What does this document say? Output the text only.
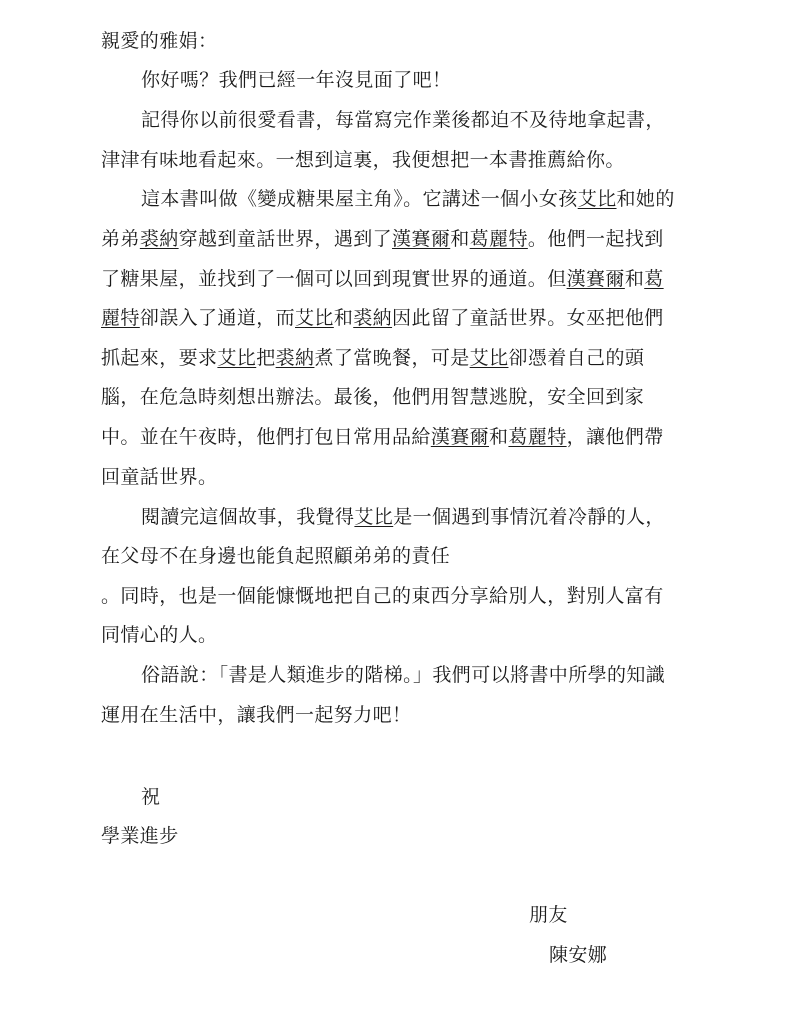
親愛的雅娟：
你好嗎？我們已經一年沒見面了吧！
記得你以前很愛看書，每當寫完作業後都迫不及待地拿起書，
津津有味地看起來。一想到這裏，我便想把一本書推薦給你。
這本書叫做《變成糖果屋主角》。它講述一個小女孩艾比和她的
弟弟裘納穿越到童話世界，遇到了漢賽爾和葛麗特。他們一起找到
了糖果屋，並找到了一個可以回到現實世界的通道。但漢賽爾和葛
麗特卻誤入了通道，而艾比和裘納因此留了童話世界。女巫把他們
抓起來，要求艾比把裘納煮了當晚餐，可是艾比卻憑着自己的頭
腦，在危急時刻想出辦法。最後，他們用智慧逃脫，安全回到家
中。並在午夜時，他們打包日常用品給漢賽爾和葛麗特，讓他們帶
回童話世界。
閱讀完這個故事，我覺得艾比是一個遇到事情沉着冷靜的人，
在父母不在身邊也能負起照顧弟弟的責任
。同時，也是一個能慷慨地把自己的東西分享給別人，對別人富有
同情心的人。
俗語說：「書是人類進步的階梯。」我們可以將書中所學的知識
運用在生活中，讓我們一起努力吧！
祝
學業進步
朋友
陳安娜
